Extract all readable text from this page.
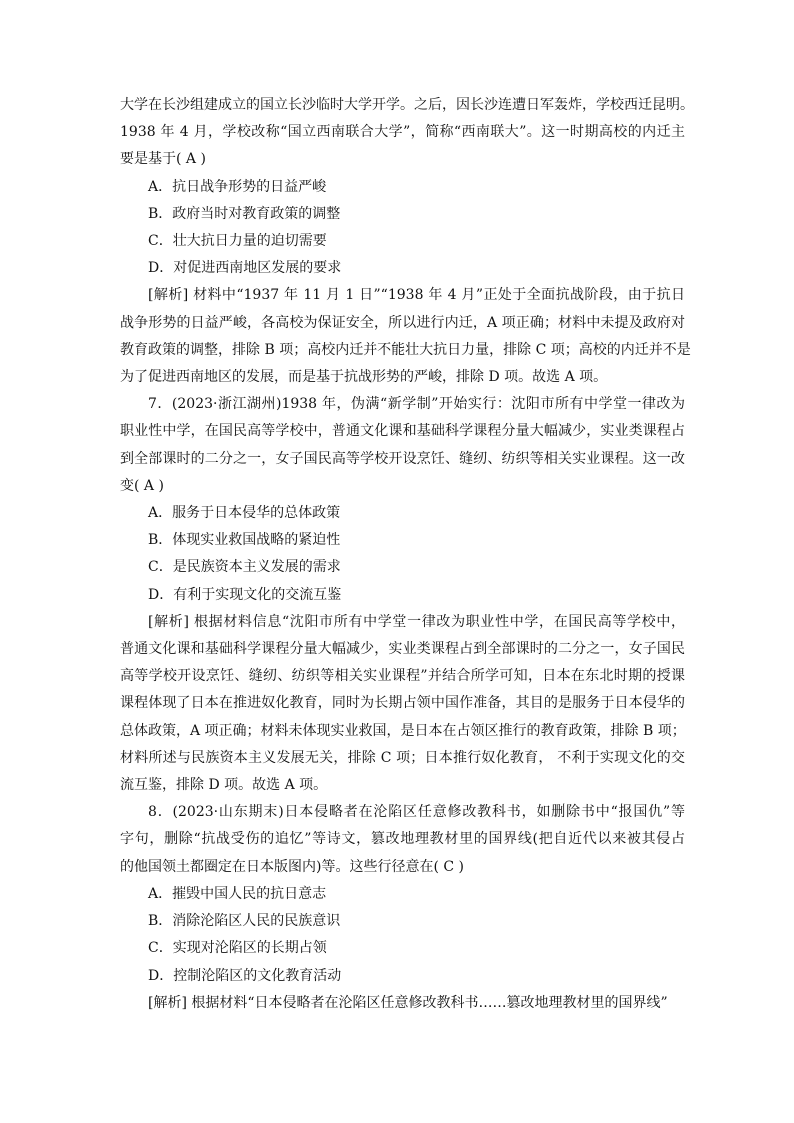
大学在长沙组建成立的国立长沙临时大学开学。之后，因长沙连遭日军轰炸，学校西迁昆明。
1938 年 4 月，学校改称“国立西南联合大学”，简称“西南联大”。这一时期高校的内迁主
要是基于( A )
A．抗日战争形势的日益严峻
B．政府当时对教育政策的调整
C．壮大抗日力量的迫切需要
D．对促进西南地区发展的要求
[解析] 材料中“1937 年 11 月 1 日”“1938 年 4 月”正处于全面抗战阶段，由于抗日
战争形势的日益严峻，各高校为保证安全，所以进行内迁，A 项正确；材料中未提及政府对
教育政策的调整，排除 B 项；高校内迁并不能壮大抗日力量，排除 C 项；高校的内迁并不是
为了促进西南地区的发展，而是基于抗战形势的严峻，排除 D 项。故选 A 项。
7．(2023·浙江湖州)1938 年，伪满“新学制”开始实行：沈阳市所有中学堂一律改为
职业性中学，在国民高等学校中，普通文化课和基础科学课程分量大幅减少，实业类课程占
到全部课时的二分之一，女子国民高等学校开设烹饪、缝纫、纺织等相关实业课程。这一改
变( A )
A．服务于日本侵华的总体政策
B．体现实业救国战略的紧迫性
C．是民族资本主义发展的需求
D．有利于实现文化的交流互鉴
[解析] 根据材料信息“沈阳市所有中学堂一律改为职业性中学，在国民高等学校中，
普通文化课和基础科学课程分量大幅减少，实业类课程占到全部课时的二分之一，女子国民
高等学校开设烹饪、缝纫、纺织等相关实业课程”并结合所学可知，日本在东北时期的授课
课程体现了日本在推进奴化教育，同时为长期占领中国作准备，其目的是服务于日本侵华的
总体政策，A 项正确；材料未体现实业救国，是日本在占领区推行的教育政策，排除 B 项；
材料所述与民族资本主义发展无关，排除 C 项；日本推行奴化教育， 不利于实现文化的交
流互鉴，排除 D 项。故选 A 项。
8．(2023·山东期末)日本侵略者在沦陷区任意修改教科书，如删除书中“报国仇”等
字句，删除“抗战受伤的追忆”等诗文，篡改地理教材里的国界线(把自近代以来被其侵占
的他国领土都圈定在日本版图内)等。这些行径意在( C )
A．摧毁中国人民的抗日意志
B．消除沦陷区人民的民族意识
C．实现对沦陷区的长期占领
D．控制沦陷区的文化教育活动
[解析] 根据材料“日本侵略者在沦陷区任意修改教科书……篡改地理教材里的国界线”
